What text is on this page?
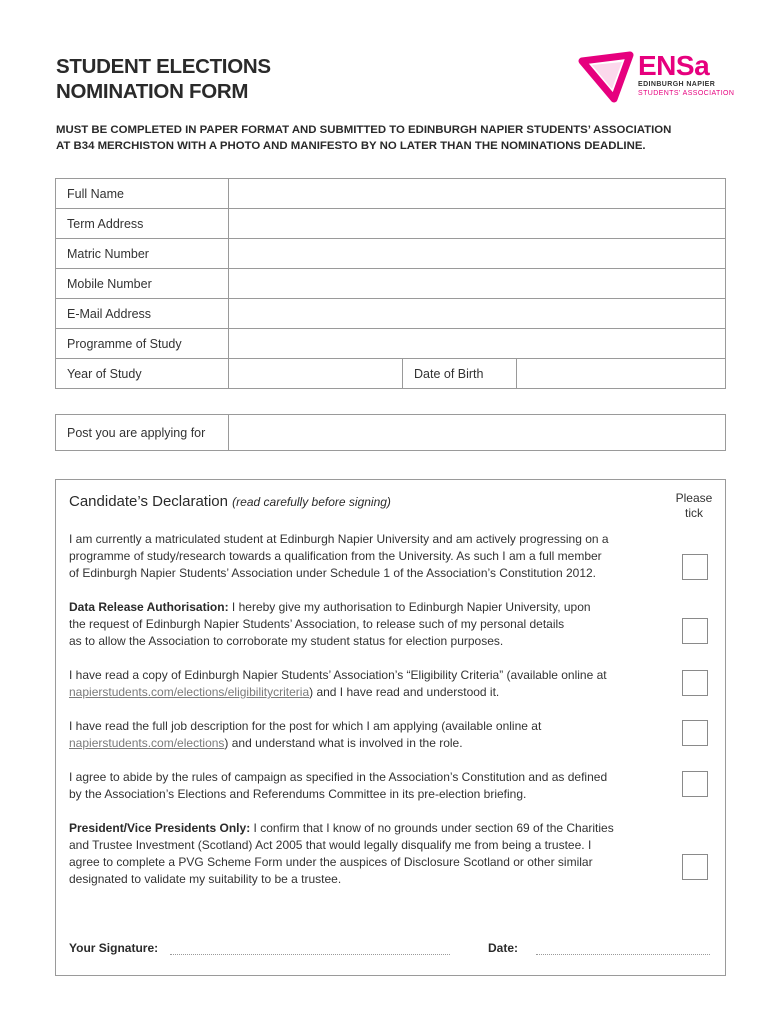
STUDENT ELECTIONS
NOMINATION FORM
ENSa
EDINBURGH NAPIER
STUDENTS' ASSOCIATION
MUST BE COMPLETED IN PAPER FORMAT AND SUBMITTED TO EDINBURGH NAPIER STUDENTS’ ASSOCIATION
AT B34 MERCHISTON WITH A PHOTO AND MANIFESTO BY NO LATER THAN THE NOMINATIONS DEADLINE.
Full Name			
Term Address			
Matric Number			
Mobile Number			
E-Mail Address			
Programme of Study			
Year of Study		Date of Birth	
Post you are applying for
Candidate’s Declaration (read carefully before signing)	Please
tick
I am currently a matriculated student at Edinburgh Napier University and am actively progressing on a
programme of study/research towards a qualification from the University. As such I am a full member
of Edinburgh Napier Students’ Association under Schedule 1 of the Association’s Constitution 2012.
Data Release Authorisation: I hereby give my authorisation to Edinburgh Napier University, upon
the request of Edinburgh Napier Students’ Association, to release such of my personal details
as to allow the Association to corroborate my student status for election purposes.
I have read a copy of Edinburgh Napier Students’ Association’s “Eligibility Criteria” (available online at
napierstudents.com/elections/eligibilitycriteria) and I have read and understood it.
I have read the full job description for the post for which I am applying (available online at
napierstudents.com/elections) and understand what is involved in the role.
I agree to abide by the rules of campaign as specified in the Association’s Constitution and as defined
by the Association’s Elections and Referendums Committee in its pre-election briefing.
President/Vice Presidents Only: I confirm that I know of no grounds under section 69 of the Charities
and Trustee Investment (Scotland) Act 2005 that would legally disqualify me from being a trustee. I
agree to complete a PVG Scheme Form under the auspices of Disclosure Scotland or other similar
designated to validate my suitability to be a trustee.
Your Signature:	Date:
